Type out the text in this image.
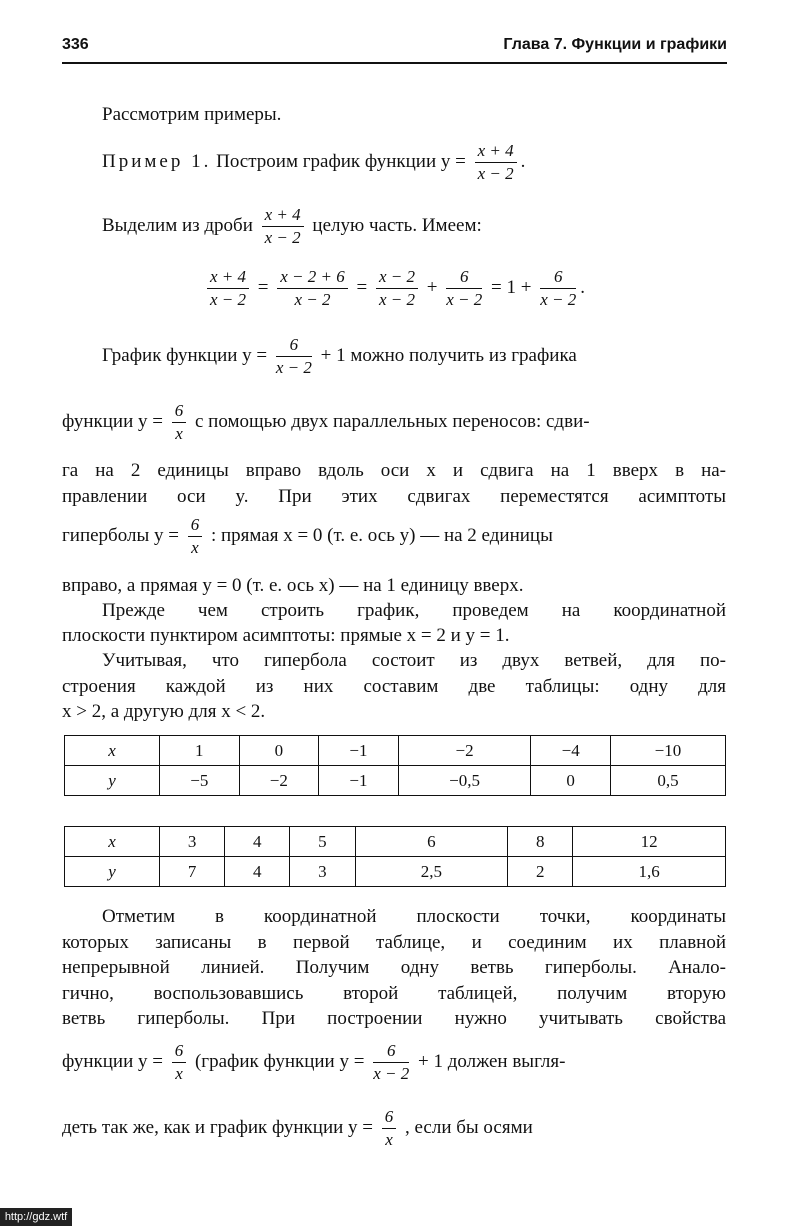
336	Глава 7. Функции и графики
Рассмотрим примеры.
Пример 1. Построим график функции $y = \frac{x + 4}{x - 2}$ .
Выделим из дроби $\frac{x + 4}{x - 2}$ целую часть. Имеем:
$\frac{x + 4}{x - 2} = \frac{x - 2 + 6}{x - 2} = \frac{x - 2}{x - 2} + \frac{6}{x - 2} = 1 + \frac{6}{x - 2}$ .
График функции $y = \frac{6}{x - 2} + 1$ можно получить из графика
функции $y = \frac{6}{x}$ с помощью двух параллельных переносов: сдви-
га на 2 единицы вправо вдоль оси x и сдвига на 1 вверх в на-
правлении оси y. При этих сдвигах переместятся асимптоты
гиперболы $y = \frac{6}{x}$ : прямая x = 0 (т. е. ось y) — на 2 единицы
вправо, а прямая y = 0 (т. е. ось x) — на 1 единицу вверх.
Прежде чем строить график, проведем на координатной
плоскости пунктиром асимптоты: прямые x = 2 и y = 1.
Учитывая, что гипербола состоит из двух ветвей, для по-
строения каждой из них составим две таблицы: одну для
x > 2, а другую для x < 2.
x	1	0	−1	−2	−4	−10
y	−5	−2	−1	−0,5	0	0,5
x	3	4	5	6	8	12
y	7	4	3	2,5	2	1,6
Отметим в координатной плоскости точки, координаты
которых записаны в первой таблице, и соединим их плавной
непрерывной линией. Получим одну ветвь гиперболы. Анало-
гично, воспользовавшись второй таблицей, получим вторую
ветвь гиперболы. При построении нужно учитывать свойства
функции $y = \frac{6}{x}$ (график функции $y = \frac{6}{x - 2} + 1$ должен выгля-
деть так же, как и график функции $y = \frac{6}{x}$ , если бы осями
http://gdz.wtf
